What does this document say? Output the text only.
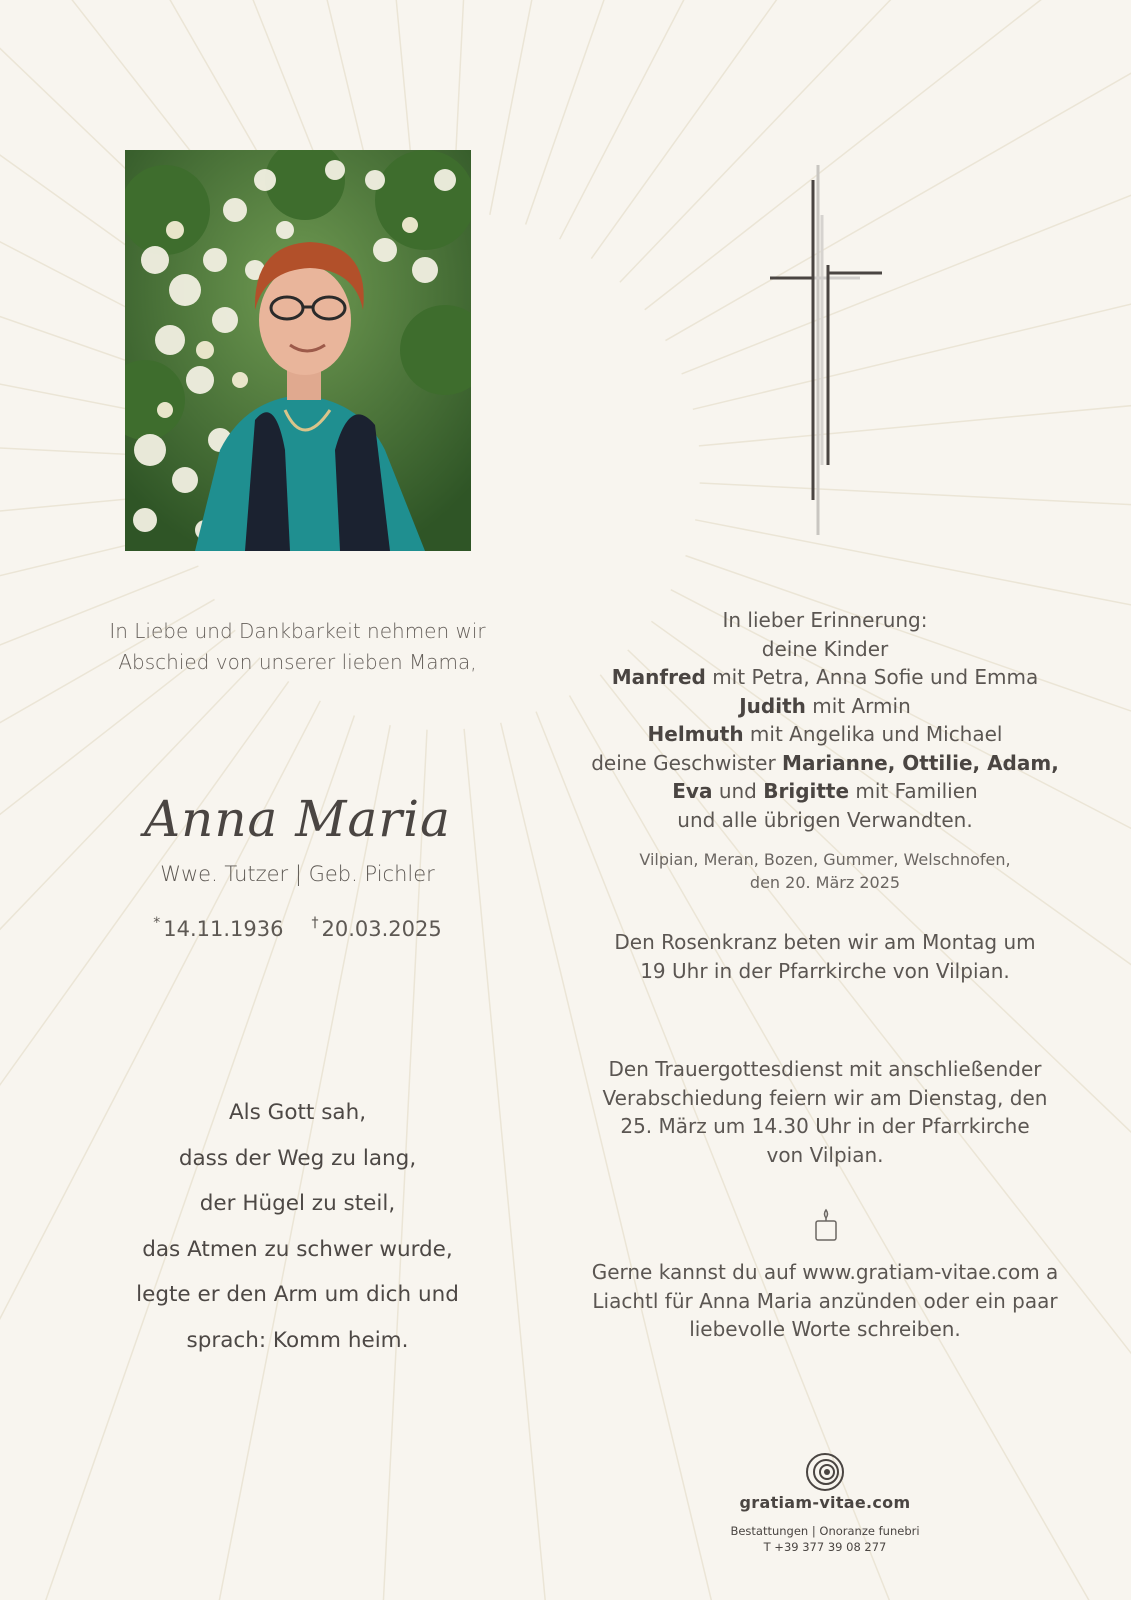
In Liebe und Dankbarkeit nehmen wir
Abschied von unserer lieben Mama,
Anna Maria
Wwe. Tutzer | Geb. Pichler
* 14.11.1936 † 20.03.2025
Als Gott sah,
dass der Weg zu lang,
der Hügel zu steil,
das Atmen zu schwer wurde,
legte er den Arm um dich und
sprach: Komm heim.
In lieber Erinnerung:
deine Kinder
Manfred mit Petra, Anna Sofie und Emma
Judith mit Armin
Helmuth mit Angelika und Michael
deine Geschwister Marianne, Ottilie, Adam,
Eva und Brigitte mit Familien
und alle übrigen Verwandten.
Vilpian, Meran, Bozen, Gummer, Welschnofen,
den 20. März 2025
Den Rosenkranz beten wir am Montag um
19 Uhr in der Pfarrkirche von Vilpian.
Den Trauergottesdienst mit anschließender
Verabschiedung feiern wir am Dienstag, den
25. März um 14.30 Uhr in der Pfarrkirche
von Vilpian.
Gerne kannst du auf www.gratiam-vitae.com a
Liachtl für Anna Maria anzünden oder ein paar
liebevolle Worte schreiben.
gratiam-vitae.com
Bestattungen | Onoranze funebri
T +39 377 39 08 277
